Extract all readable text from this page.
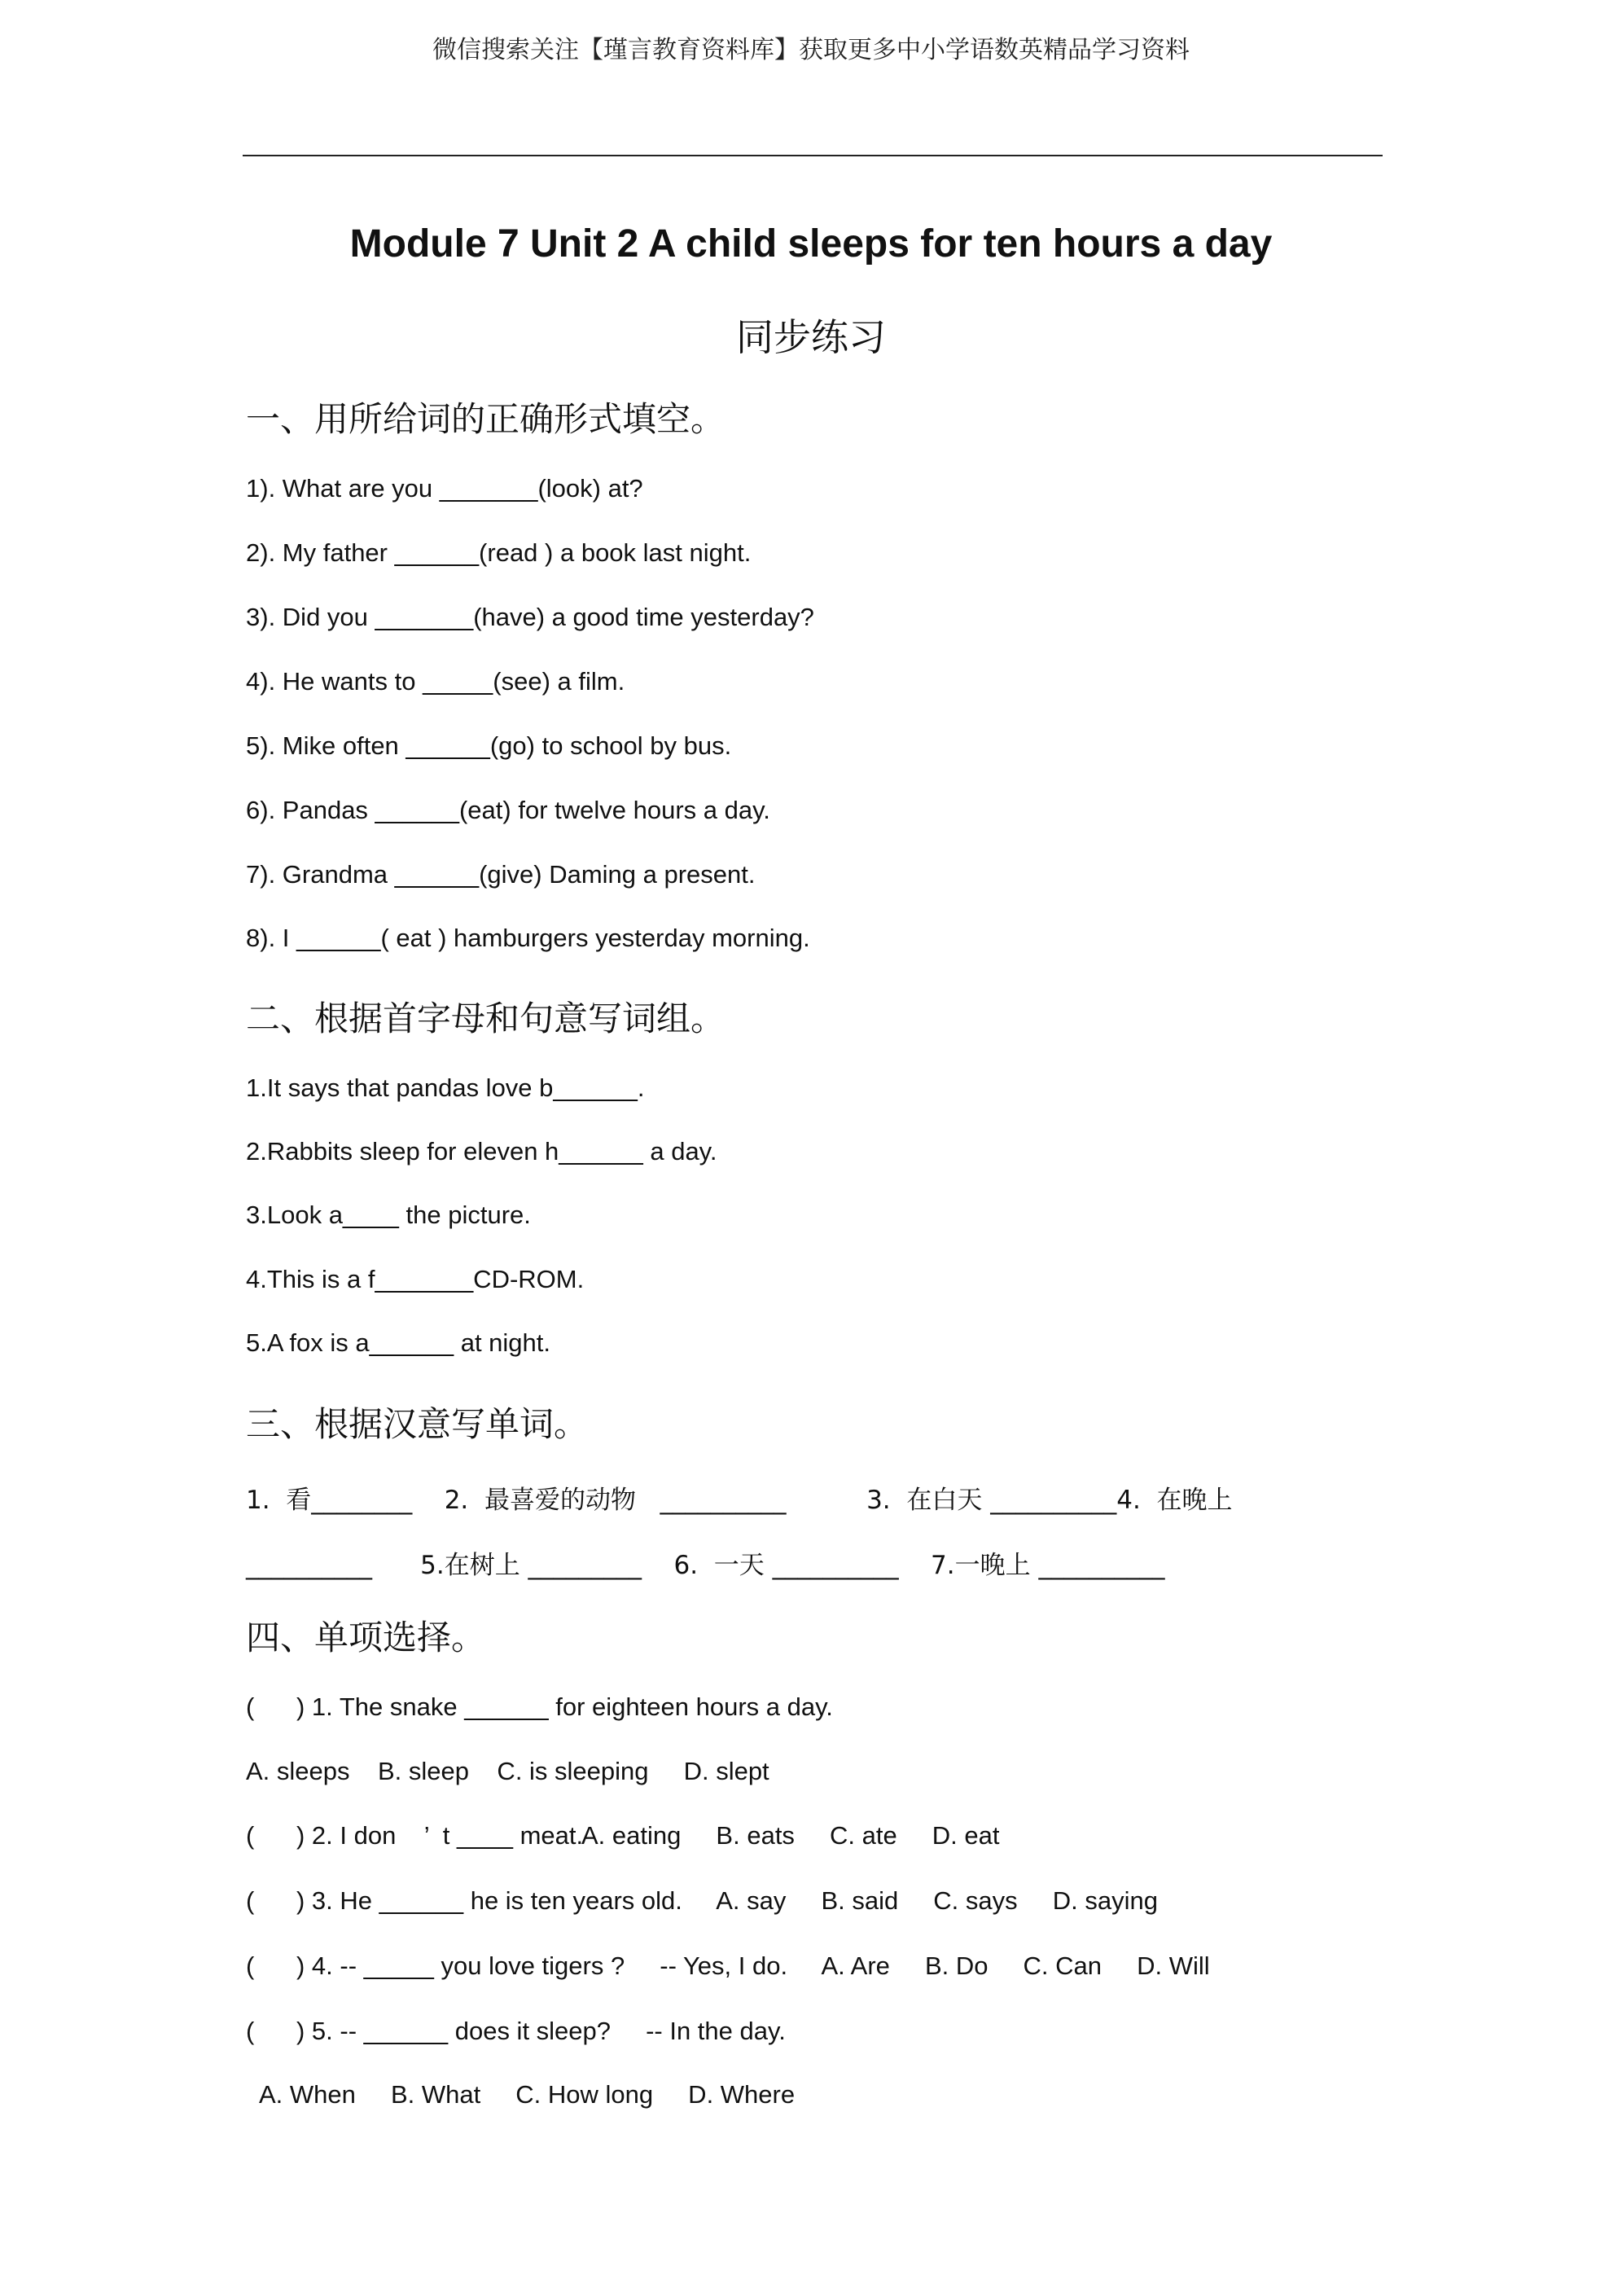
微信搜索关注【瑾言教育资料库】获取更多中小学语数英精品学习资料
Module 7 Unit 2 A child sleeps for ten hours a day
同步练习
一、用所给词的正确形式填空。
1). What are you _______(look) at?
2). My father ______(read ) a book last night.
3). Did you _______(have) a good time yesterday?
4). He wants to _____(see) a film.
5). Mike often ______(go) to school by bus.
6). Pandas ______(eat) for twelve hours a day.
7). Grandma ______(give) Daming a present.
8). I ______( eat ) hamburgers yesterday morning.
二、根据首字母和句意写词组。
1.It says that pandas love b______.
2.Rabbits sleep for eleven h______ a day.
3.Look a____ the picture.
4.This is a f_______CD-ROM.
5.A fox is a______ at night.
三、根据汉意写单词。
1.  看________    2.  最喜爱的动物   __________          3.  在白天 __________4.  在晚上
__________      5.在树上 _________    6.  一天 __________    7.一晚上 __________
四、单项选择。
(      ) 1. The snake ______ for eighteen hours a day.
A. sleeps    B. sleep    C. is sleeping     D. slept
(      ) 2. I don    ’  t ____ meat.
A. eating     B. eats     C. ate     D. eat
(      ) 3. He ______ he is ten years old.     A. say     B. said     C. says     D. saying
(      ) 4. -- _____ you love tigers ?     -- Yes, I do.     A. Are     B. Do     C. Can     D. Will
(      ) 5. -- ______ does it sleep?     -- In the day.
A. When     B. What     C. How long     D. Where
